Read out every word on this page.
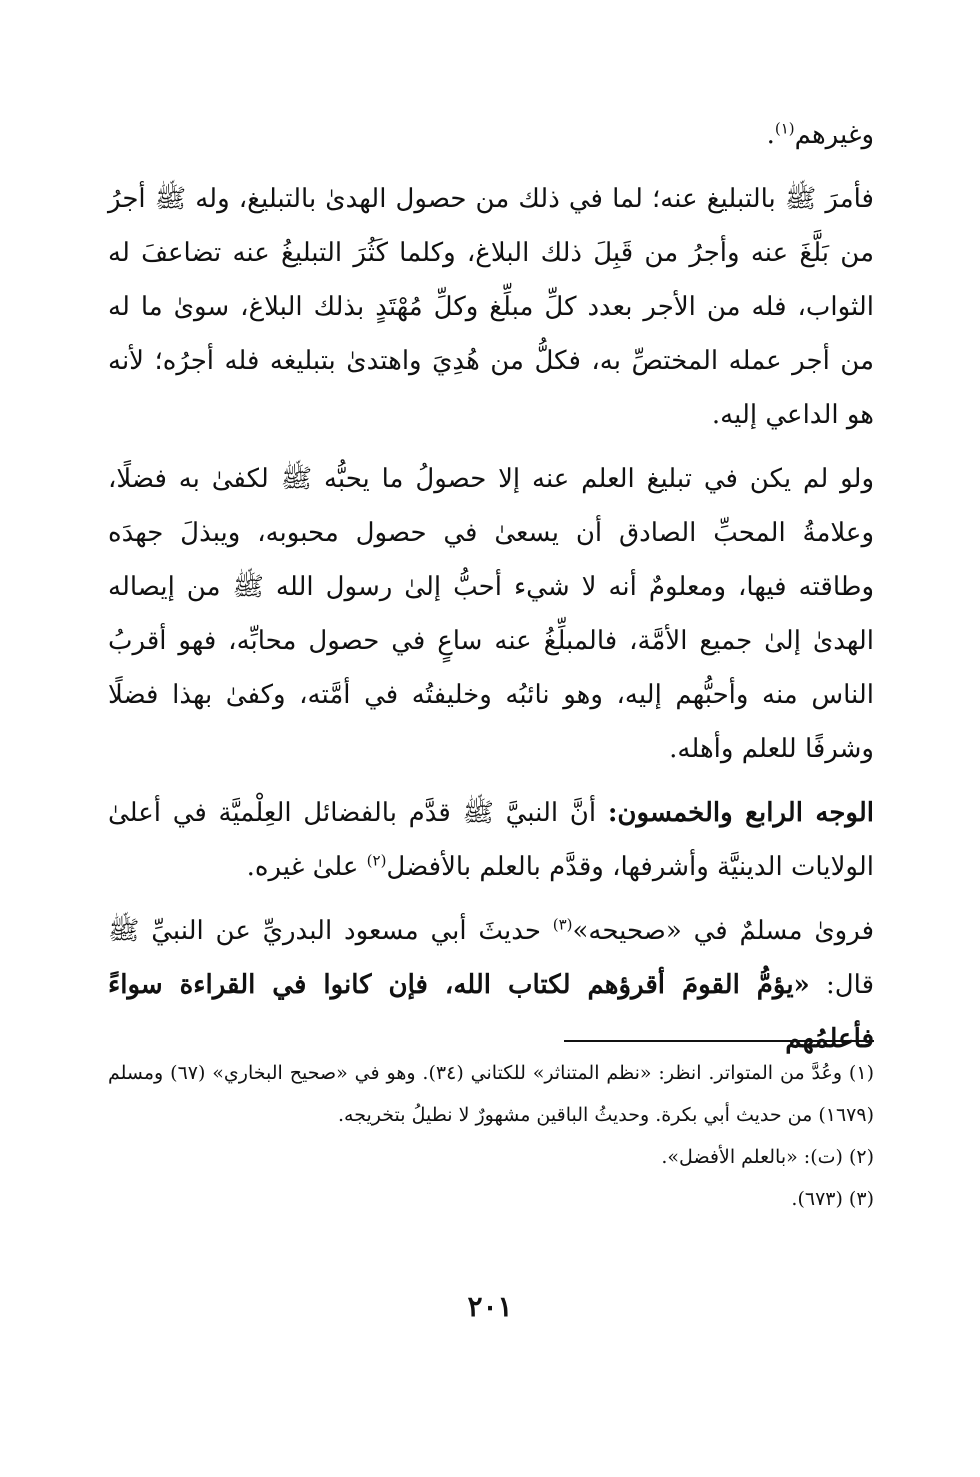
وغيرهم$^{(١)}$.

فأمرَ ﷺ بالتبليغ عنه؛ لما في ذلك من حصول الهدىٰ بالتبليغ، وله ﷺ أجرُ من بَلَّغَ عنه وأجرُ من قَبِلَ ذلك البلاغ، وكلما كَثُرَ التبليغُ عنه تضاعفَ له الثواب، فله من الأجر بعدد كلِّ مبلِّغ وكلِّ مُهْتَدٍ بذلك البلاغ، سوىٰ ما له من أجر عمله المختصِّ به، فكلُّ من هُدِيَ واهتدىٰ بتبليغه فله أجرُه؛ لأنه هو الداعي إليه.

ولو لم يكن في تبليغ العلم عنه إلا حصولُ ما يحبُّه ﷺ لكفىٰ به فضلًا، وعلامةُ المحبِّ الصادق أن يسعىٰ في حصول محبوبه، ويبذلَ جهدَه وطاقته فيها، ومعلومٌ أنه لا شيء أحبُّ إلىٰ رسول الله ﷺ من إيصاله الهدىٰ إلىٰ جميع الأمَّة، فالمبلِّغُ عنه ساعٍ في حصول محابِّه، فهو أقربُ الناس منه وأحبُّهم إليه، وهو نائبُه وخليفتُه في أمَّته، وكفىٰ بهذا فضلًا وشرفًا للعلم وأهله.

الوجه الرابع والخمسون: أنَّ النبيَّ ﷺ قدَّم بالفضائل العِلْميَّة في أعلىٰ الولايات الدينيَّة وأشرفها، وقدَّم بالعلم بالأفضل$^{(٢)}$ علىٰ غيره.

فروىٰ مسلمٌ في «صحيحه»$^{(٣)}$ حديثَ أبي مسعود البدريِّ عن النبيِّ ﷺ قال: «يؤمُّ القومَ أقرؤهم لكتاب الله، فإن كانوا في القراءة سواءً فأعلمُهم

(١) وعُدَّ من المتواتر. انظر: «نظم المتناثر» للكتاني (٣٤). وهو في «صحيح البخاري» (٦٧) ومسلم (١٦٧٩) من حديث أبي بكرة. وحديثُ الباقين مشهورٌ لا نطيلُ بتخريجه.

(٢) (ت): «بالعلم الأفضل».

(٣) (٦٧٣).

٢٠١
